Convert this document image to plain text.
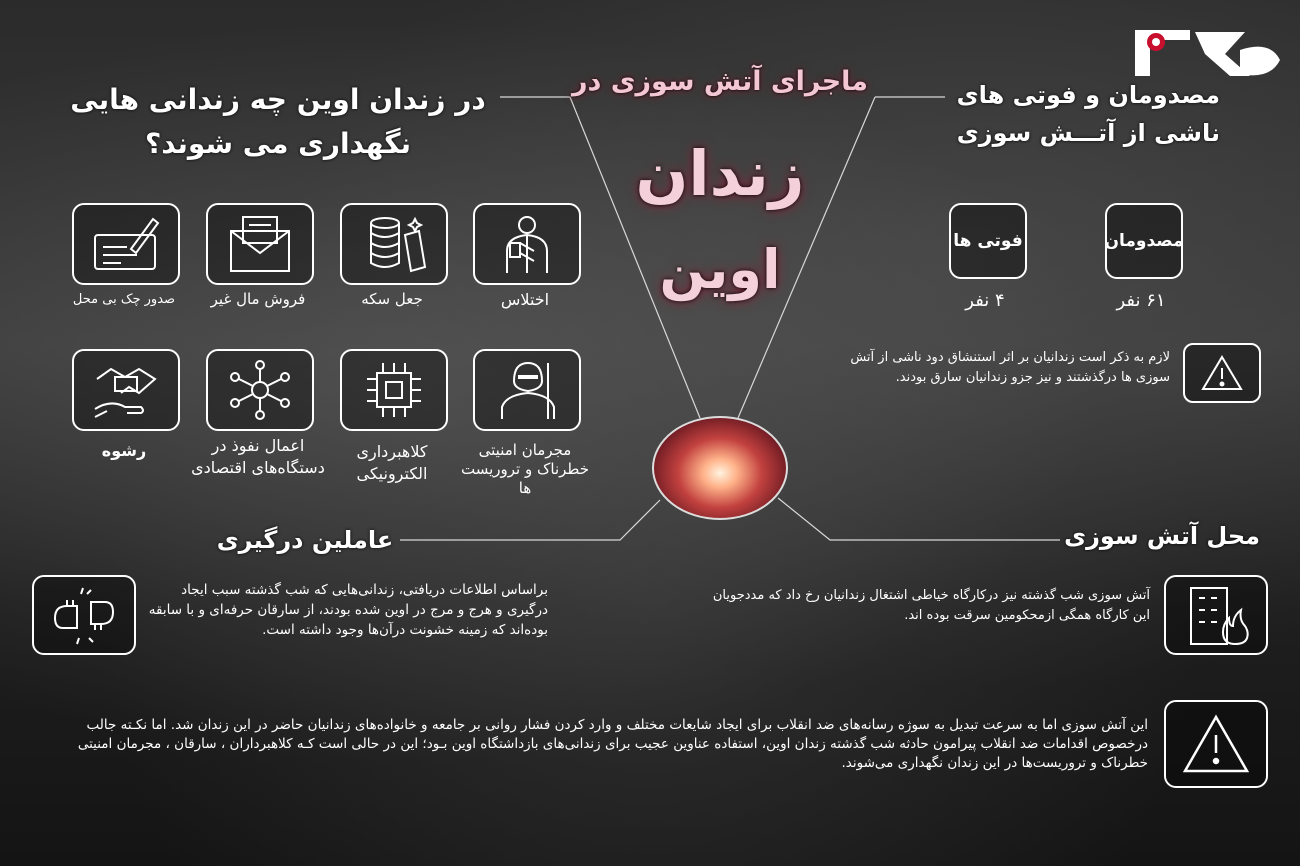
ماجرای آتش سوزی در
زندان
اوین
در زندان اوین چه زندانی هایی
نگهداری می شوند؟
اختلاس
جعل سکه
فروش مال غیر
صدور چک بی محل
مجرمان امنیتی خطرناک و تروریست ها
کلاهبرداری الکترونیکی
اعمال نفوذ در دستگاه‌های اقتصادی
رشوه
مصدومان و فوتی های
ناشی از آتـــش سوزی
مصدومان
فوتی ها
۶۱ نفر
۴ نفر
لازم به ذکر است زندانیان بر اثر استنشاق دود ناشی از آتش سوزی ها درگذشتند و نیز جزو زندانیان سارق بودند.
عاملین درگیری
براساس اطلاعات دریافتی، زندانی‌هایی که شب گذشته سبب ایجاد درگیری و هرج و مرج در اوین شده بودند، از سارقان حرفه‌ای و با سابقه بوده‌اند که زمینه خشونت درآن‌ها وجود داشته است.
محل آتش سوزی
آتش سوزی شب گذشته نیز درکارگاه خیاطی اشتغال زندانیان رخ داد که مددجویان این کارگاه همگی ازمحکومین سرقت بوده اند.
این آتش سوزی اما به سرعت تبدیل به سوژه رسانه‌های ضد انقلاب برای ایجاد شایعات مختلف و وارد کردن فشار روانی بر جامعه و خانواده‌های زندانیان حاضر در این زندان شد. اما نکـته جالب درخصوص اقدامات ضد انقلاب پیرامون حادثه شب گذشته زندان اوین، استفاده عناوین عجیب برای زندانی‌های بازداشتگاه اوین بـود؛ این در حالی است کـه کلاهبرداران ، سارقان ، مجرمان امنیتی خطرناک و تروریست‌ها در این زندان نگهداری می‌شوند.
